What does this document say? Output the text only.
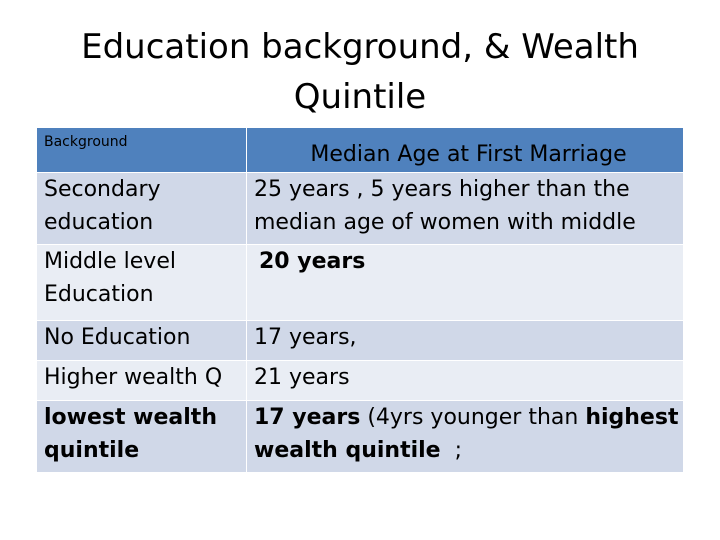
Education background, & Wealth
Quintile
Background	Median Age at First Marriage

Secondary education	25 years , 5 years higher than the median age of women with middle

Middle level Education	20 years

No Education	17 years,

Higher wealth Q	21 years

lowest wealth quintile	17 years (4yrs younger than highest wealth quintile  ;
